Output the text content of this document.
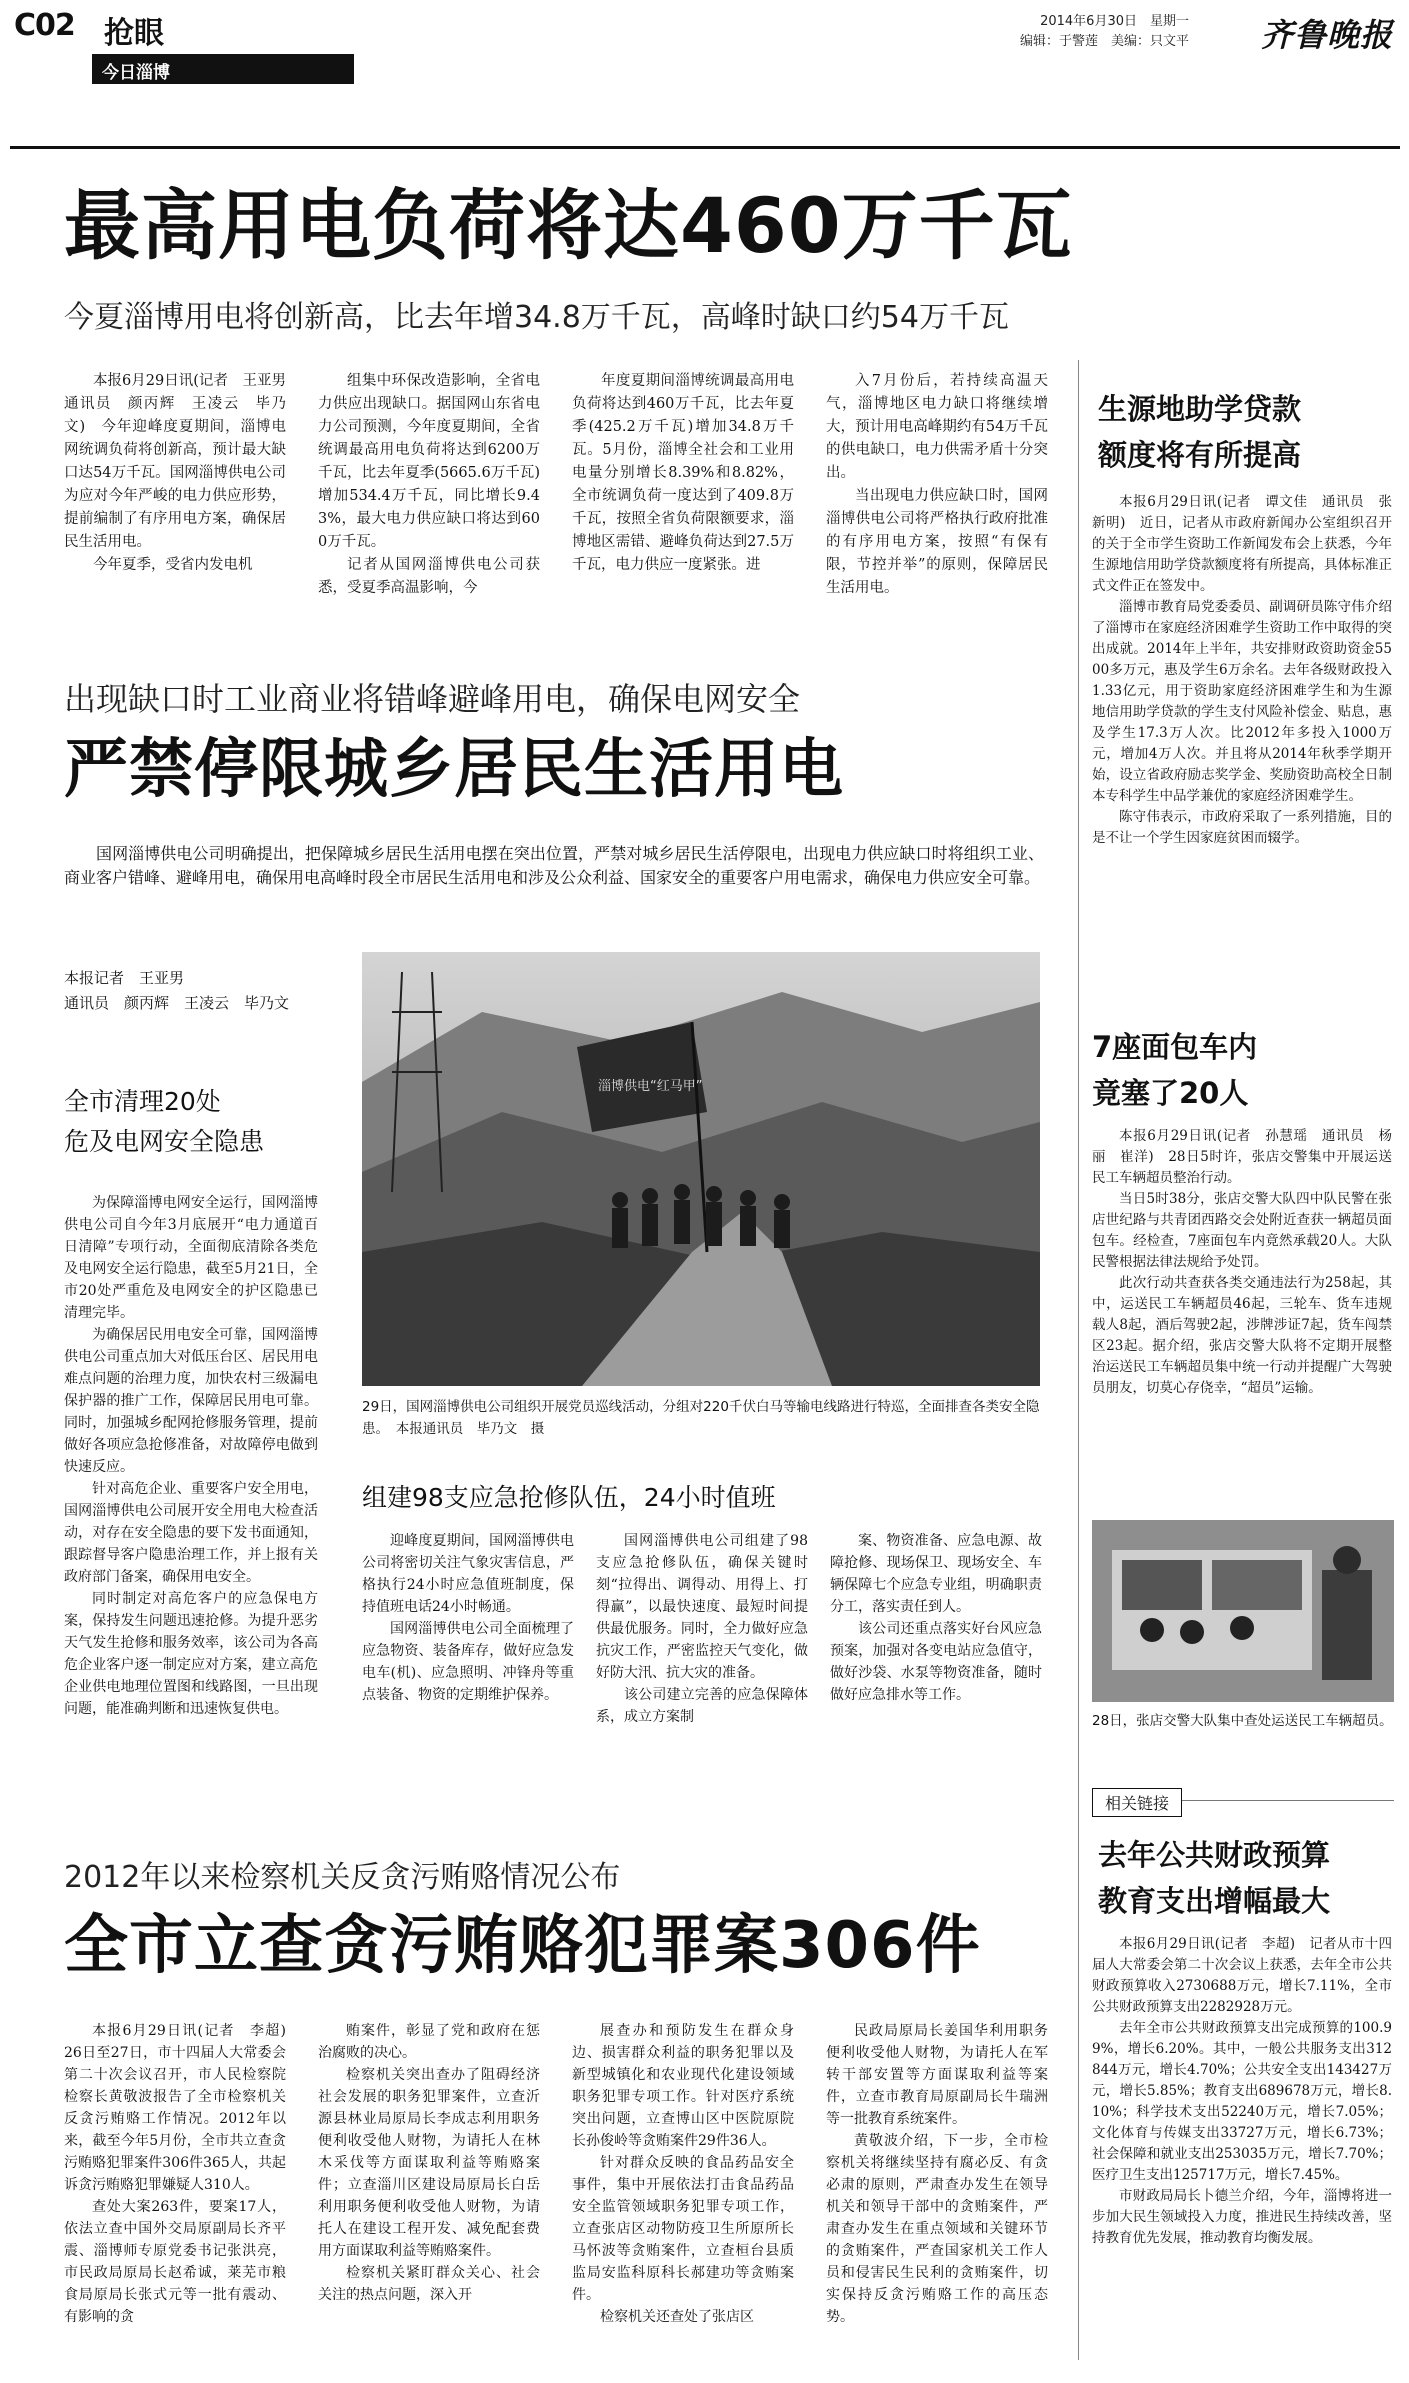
C02 抢眼
今日淄博
2014年6月30日　星期一
编辑：于警莲　美编：只文平 齐鲁晚报
最高用电负荷将达460万千瓦
今夏淄博用电将创新高，比去年增34.8万千瓦，高峰时缺口约54万千瓦

本报6月29日讯(记者　王亚男　通讯员　颜丙辉　王凌云　毕乃文)　今年迎峰度夏期间，淄博电网统调负荷将创新高，预计最大缺口达54万千瓦。国网淄博供电公司为应对今年严峻的电力供应形势，提前编制了有序用电方案，确保居民生活用电。

今年夏季，受省内发电机

组集中环保改造影响，全省电力供应出现缺口。据国网山东省电力公司预测，今年度夏期间，全省统调最高用电负荷将达到6200万千瓦，比去年夏季(5665.6万千瓦)增加534.4万千瓦，同比增长9.43%，最大电力供应缺口将达到600万千瓦。

记者从国网淄博供电公司获悉，受夏季高温影响，今

年度夏期间淄博统调最高用电负荷将达到460万千瓦，比去年夏季(425.2万千瓦)增加34.8万千瓦。5月份，淄博全社会和工业用电量分别增长8.39%和8.82%，全市统调负荷一度达到了409.8万千瓦，按照全省负荷限额要求，淄博地区需错、避峰负荷达到27.5万千瓦，电力供应一度紧张。进

入7月份后，若持续高温天气，淄博地区电力缺口将继续增大，预计用电高峰期约有54万千瓦的供电缺口，电力供需矛盾十分突出。

当出现电力供应缺口时，国网淄博供电公司将严格执行政府批准的有序用电方案，按照“有保有限，节控并举”的原则，保障居民生活用电。

出现缺口时工业商业将错峰避峰用电，确保电网安全
严禁停限城乡居民生活用电

国网淄博供电公司明确提出，把保障城乡居民生活用电摆在突出位置，严禁对城乡居民生活停限电，出现电力供应缺口时将组织工业、商业客户错峰、避峰用电，确保用电高峰时段全市居民生活用电和涉及公众利益、国家安全的重要客户用电需求，确保电力供应安全可靠。

本报记者　王亚男
通讯员　颜丙辉　王凌云　毕乃文
全市清理20处
危及电网安全隐患

为保障淄博电网安全运行，国网淄博供电公司自今年3月底展开“电力通道百日清障”专项行动，全面彻底清除各类危及电网安全运行隐患，截至5月21日，全市20处严重危及电网安全的护区隐患已清理完毕。

为确保居民用电安全可靠，国网淄博供电公司重点加大对低压台区、居民用电难点问题的治理力度，加快农村三级漏电保护器的推广工作，保障居民用电可靠。同时，加强城乡配网抢修服务管理，提前做好各项应急抢修准备，对故障停电做到快速反应。

针对高危企业、重要客户安全用电，国网淄博供电公司展开安全用电大检查活动，对存在安全隐患的要下发书面通知，跟踪督导客户隐患治理工作，并上报有关政府部门备案，确保用电安全。

同时制定对高危客户的应急保电方案，保持发生问题迅速抢修。为提升恶劣天气发生抢修和服务效率，该公司为各高危企业客户逐一制定应对方案，建立高危企业供电地理位置图和线路图，一旦出现问题，能准确判断和迅速恢复供电。

淄博供电“红马甲”
29日，国网淄博供电公司组织开展党员巡线活动，分组对220千伏白马等输电线路进行特巡，全面排查各类安全隐患。　本报通讯员　毕乃文　摄
组建98支应急抢修队伍，24小时值班

迎峰度夏期间，国网淄博供电公司将密切关注气象灾害信息，严格执行24小时应急值班制度，保持值班电话24小时畅通。

国网淄博供电公司全面梳理了应急物资、装备库存，做好应急发电车(机)、应急照明、冲锋舟等重点装备、物资的定期维护保养。

国网淄博供电公司组建了98支应急抢修队伍，确保关键时刻“拉得出、调得动、用得上、打得赢”，以最快速度、最短时间提供最优服务。同时，全力做好应急抗灾工作，严密监控天气变化，做好防大汛、抗大灾的准备。

该公司建立完善的应急保障体系，成立方案制

案、物资准备、应急电源、故障抢修、现场保卫、现场安全、车辆保障七个应急专业组，明确职责分工，落实责任到人。

该公司还重点落实好台风应急预案，加强对各变电站应急值守，做好沙袋、水泵等物资准备，随时做好应急排水等工作。

2012年以来检察机关反贪污贿赂情况公布
全市立查贪污贿赂犯罪案306件

本报6月29日讯(记者　李超)　26日至27日，市十四届人大常委会第二十次会议召开，市人民检察院检察长黄敬波报告了全市检察机关反贪污贿赂工作情况。2012年以来，截至今年5月份，全市共立查贪污贿赂犯罪案件306件365人，共起诉贪污贿赂犯罪嫌疑人310人。

查处大案263件，要案17人，依法立查中国外交局原副局长齐平震、淄博师专原党委书记张洪亮，市民政局原局长赵希诚，莱芜市粮食局原局长张式元等一批有震动、有影响的贪

贿案件，彰显了党和政府在惩治腐败的决心。

检察机关突出查办了阻碍经济社会发展的职务犯罪案件，立查沂源县林业局原局长李成志利用职务便利收受他人财物，为请托人在林木采伐等方面谋取利益等贿赂案件；立查淄川区建设局原局长白岳利用职务便利收受他人财物，为请托人在建设工程开发、减免配套费用方面谋取利益等贿赂案件。

检察机关紧盯群众关心、社会关注的热点问题，深入开

展查办和预防发生在群众身边、损害群众利益的职务犯罪以及新型城镇化和农业现代化建设领域职务犯罪专项工作。针对医疗系统突出问题，立查博山区中医院原院长孙俊岭等贪贿案件29件36人。

针对群众反映的食品药品安全事件，集中开展依法打击食品药品安全监管领域职务犯罪专项工作，立查张店区动物防疫卫生所原所长马怀波等贪贿案件，立查桓台县质监局安监科原科长郝建功等贪贿案件。

检察机关还查处了张店区

民政局原局长姜国华利用职务便利收受他人财物，为请托人在军转干部安置等方面谋取利益等案件，立查市教育局原副局长牛瑞洲等一批教育系统案件。

黄敬波介绍，下一步，全市检察机关将继续坚持有腐必反、有贪必肃的原则，严肃查办发生在领导机关和领导干部中的贪贿案件，严肃查办发生在重点领域和关键环节的贪贿案件，严查国家机关工作人员和侵害民生民利的贪贿案件，切实保持反贪污贿赂工作的高压态势。

生源地助学贷款
额度将有所提高

本报6月29日讯(记者　谭文佳　通讯员　张新明)　近日，记者从市政府新闻办公室组织召开的关于全市学生资助工作新闻发布会上获悉，今年生源地信用助学贷款额度将有所提高，具体标准正式文件正在签发中。

淄博市教育局党委委员、副调研员陈守伟介绍了淄博市在家庭经济困难学生资助工作中取得的突出成就。2014年上半年，共安排财政资助资金5500多万元，惠及学生6万余名。去年各级财政投入1.33亿元，用于资助家庭经济困难学生和为生源地信用助学贷款的学生支付风险补偿金、贴息，惠及学生17.3万人次。比2012年多投入1000万元，增加4万人次。并且将从2014年秋季学期开始，设立省政府励志奖学金、奖励资助高校全日制本专科学生中品学兼优的家庭经济困难学生。

陈守伟表示，市政府采取了一系列措施，目的是不让一个学生因家庭贫困而辍学。

7座面包车内
竟塞了20人

本报6月29日讯(记者　孙慧瑶　通讯员　杨丽　崔洋)　28日5时许，张店交警集中开展运送民工车辆超员整治行动。

当日5时38分，张店交警大队四中队民警在张店世纪路与共青团西路交会处附近查获一辆超员面包车。经检查，7座面包车内竟然承载20人。大队民警根据法律法规给予处罚。

此次行动共查获各类交通违法行为258起，其中，运送民工车辆超员46起，三轮车、货车违规载人8起，酒后驾驶2起，涉牌涉证7起，货车闯禁区23起。据介绍，张店交警大队将不定期开展整治运送民工车辆超员集中统一行动并提醒广大驾驶员朋友，切莫心存侥幸，“超员”运输。

28日，张店交警大队集中查处运送民工车辆超员。
相关链接
去年公共财政预算
教育支出增幅最大

本报6月29日讯(记者　李超)　记者从市十四届人大常委会第二十次会议上获悉，去年全市公共财政预算收入2730688万元，增长7.11%，全市公共财政预算支出2282928万元。

去年全市公共财政预算支出完成预算的100.99%，增长6.20%。其中，一般公共服务支出312844万元，增长4.70%；公共安全支出143427万元，增长5.85%；教育支出689678万元，增长8.10%；科学技术支出52240万元，增长7.05%；文化体育与传媒支出33727万元，增长6.73%；社会保障和就业支出253035万元，增长7.70%；医疗卫生支出125717万元，增长7.45%。

市财政局局长卜德兰介绍，今年，淄博将进一步加大民生领域投入力度，推进民生持续改善，坚持教育优先发展，推动教育均衡发展。
